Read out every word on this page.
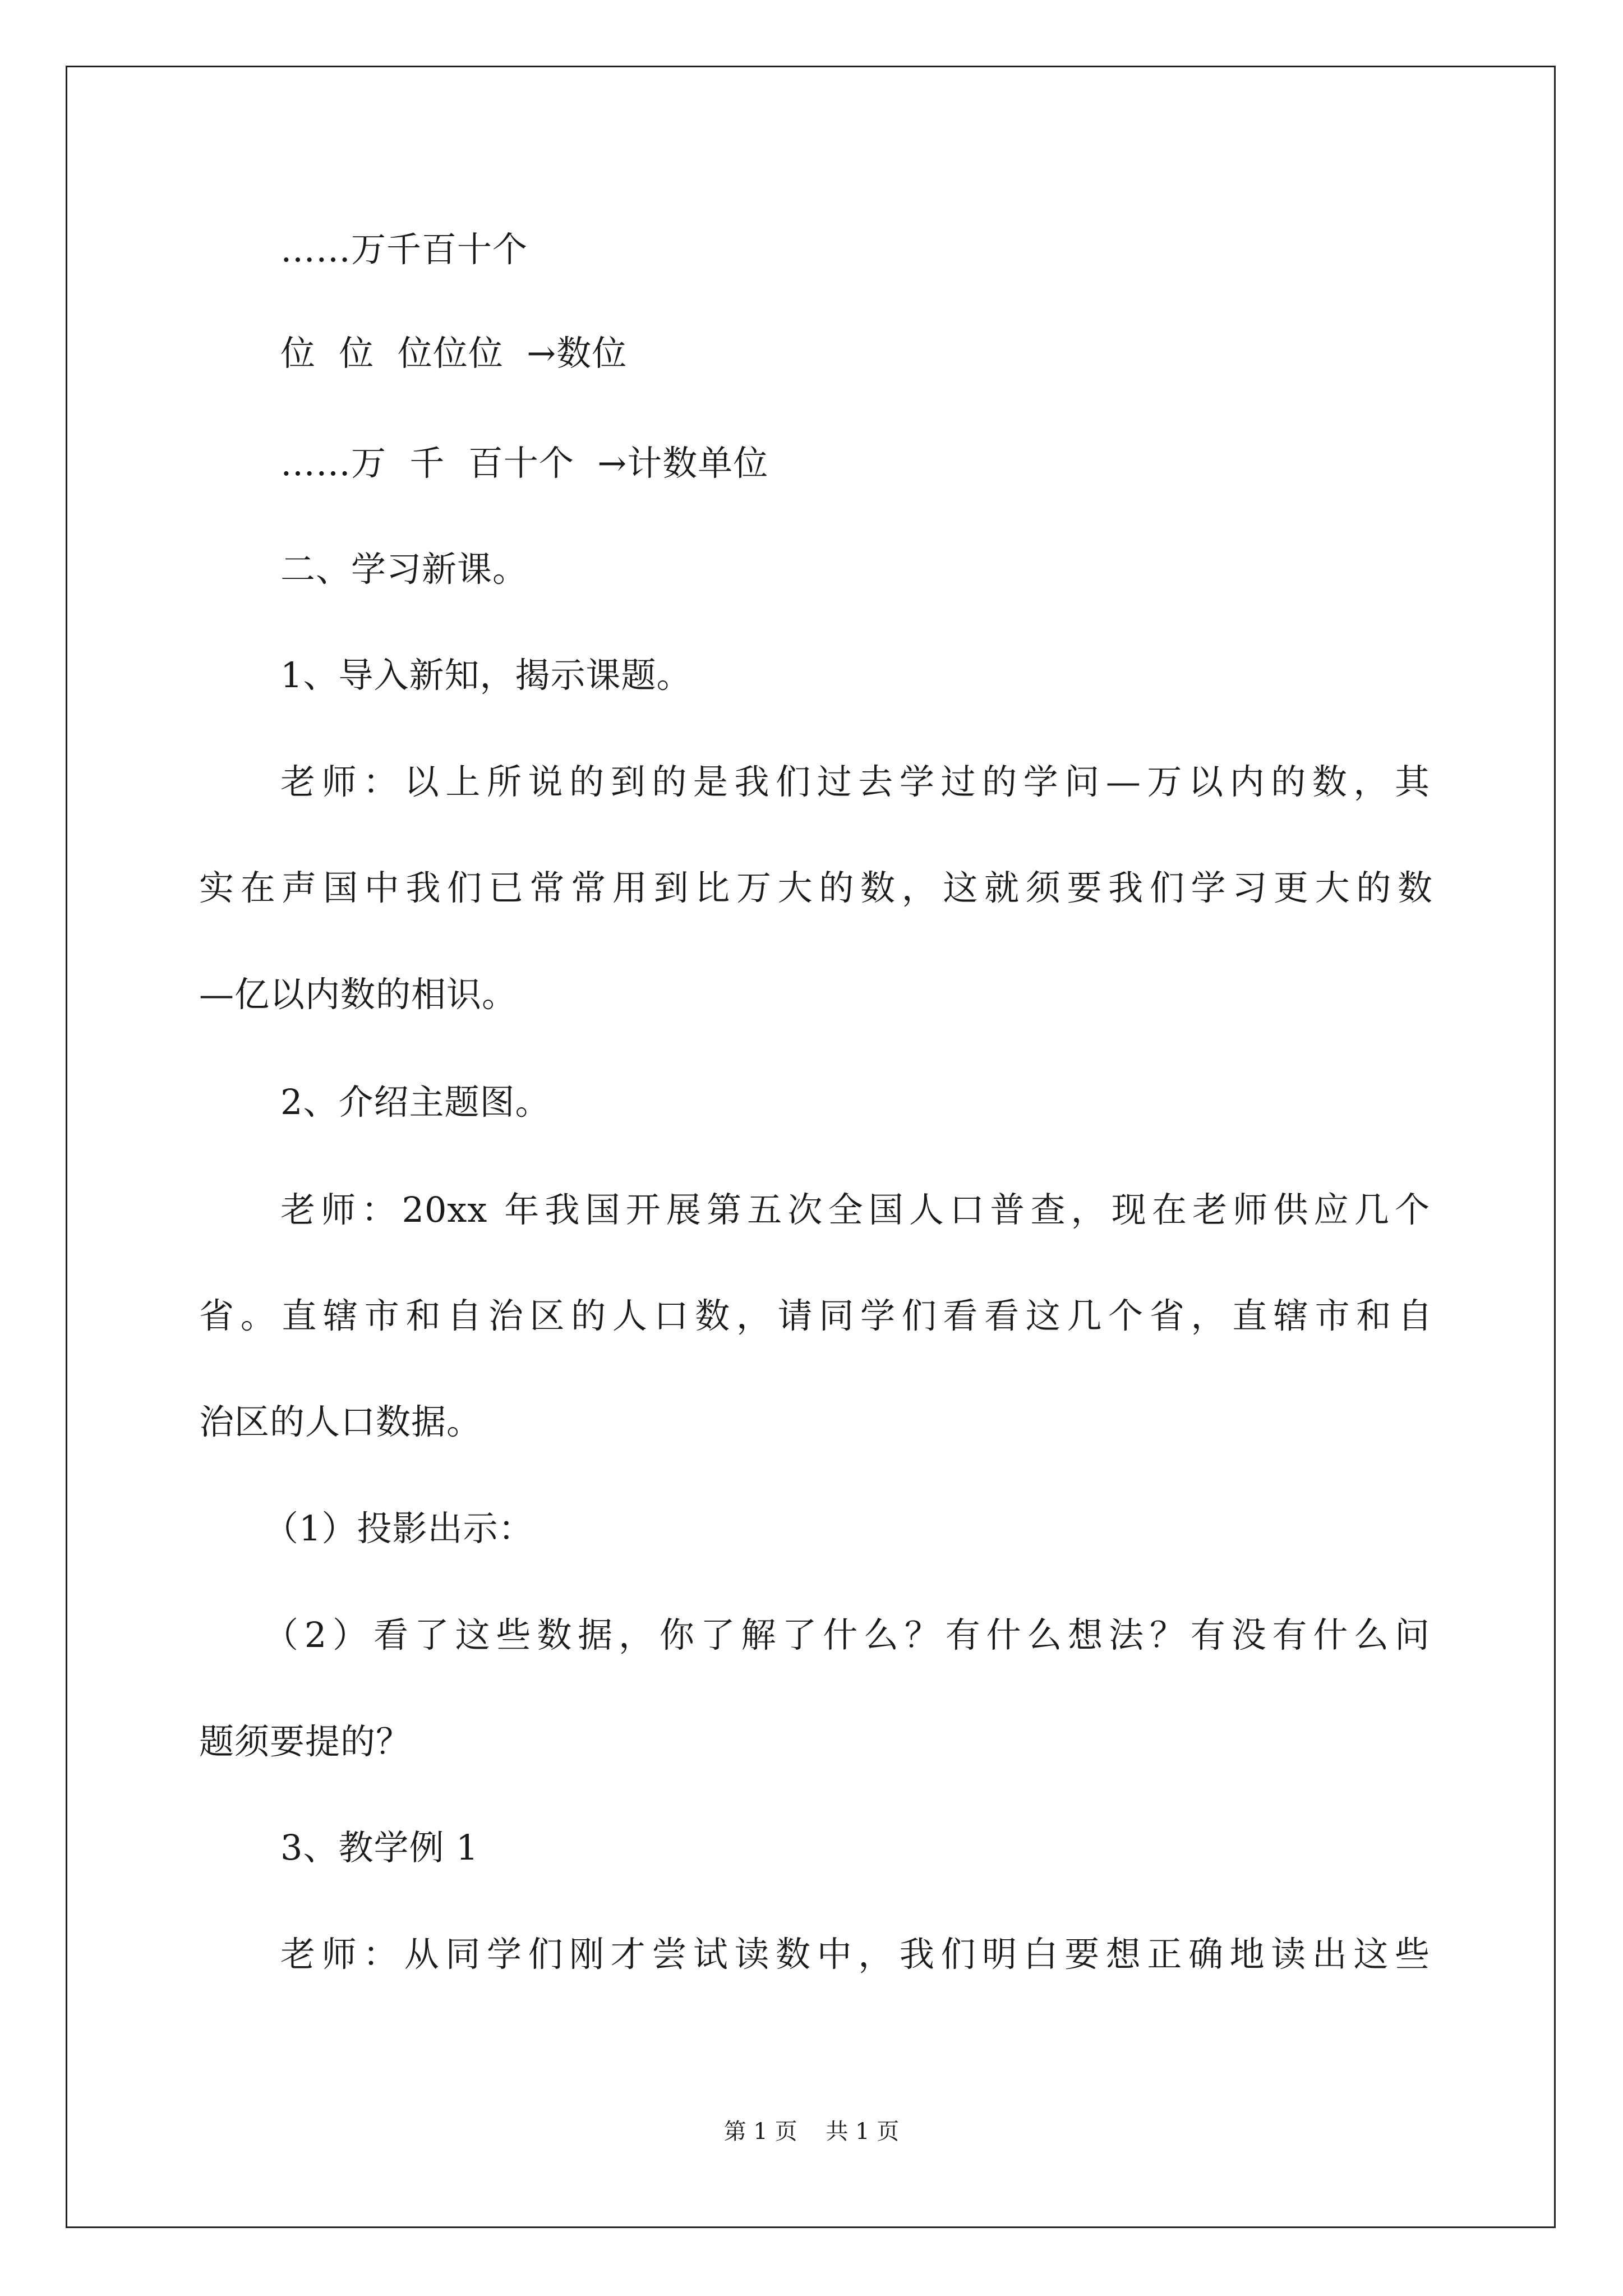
……万千百十个
位  位  位位位  →数位
……万  千  百十个  →计数单位
二、学习新课。
1、导入新知，揭示课题。
老师：以上所说的到的是我们过去学过的学问—万以内的数，其
实在声国中我们已常常用到比万大的数，这就须要我们学习更大的数
—亿以内数的相识。
2、介绍主题图。
老师：20xx 年我国开展第五次全国人口普查，现在老师供应几个
省。直辖市和自治区的人口数，请同学们看看这几个省，直辖市和自
治区的人口数据。
（1）投影出示：
（2）看了这些数据，你了解了什么？有什么想法？有没有什么问
题须要提的？
3、教学例 1
老师：从同学们刚才尝试读数中，我们明白要想正确地读出这些
第 1 页    共 1 页
